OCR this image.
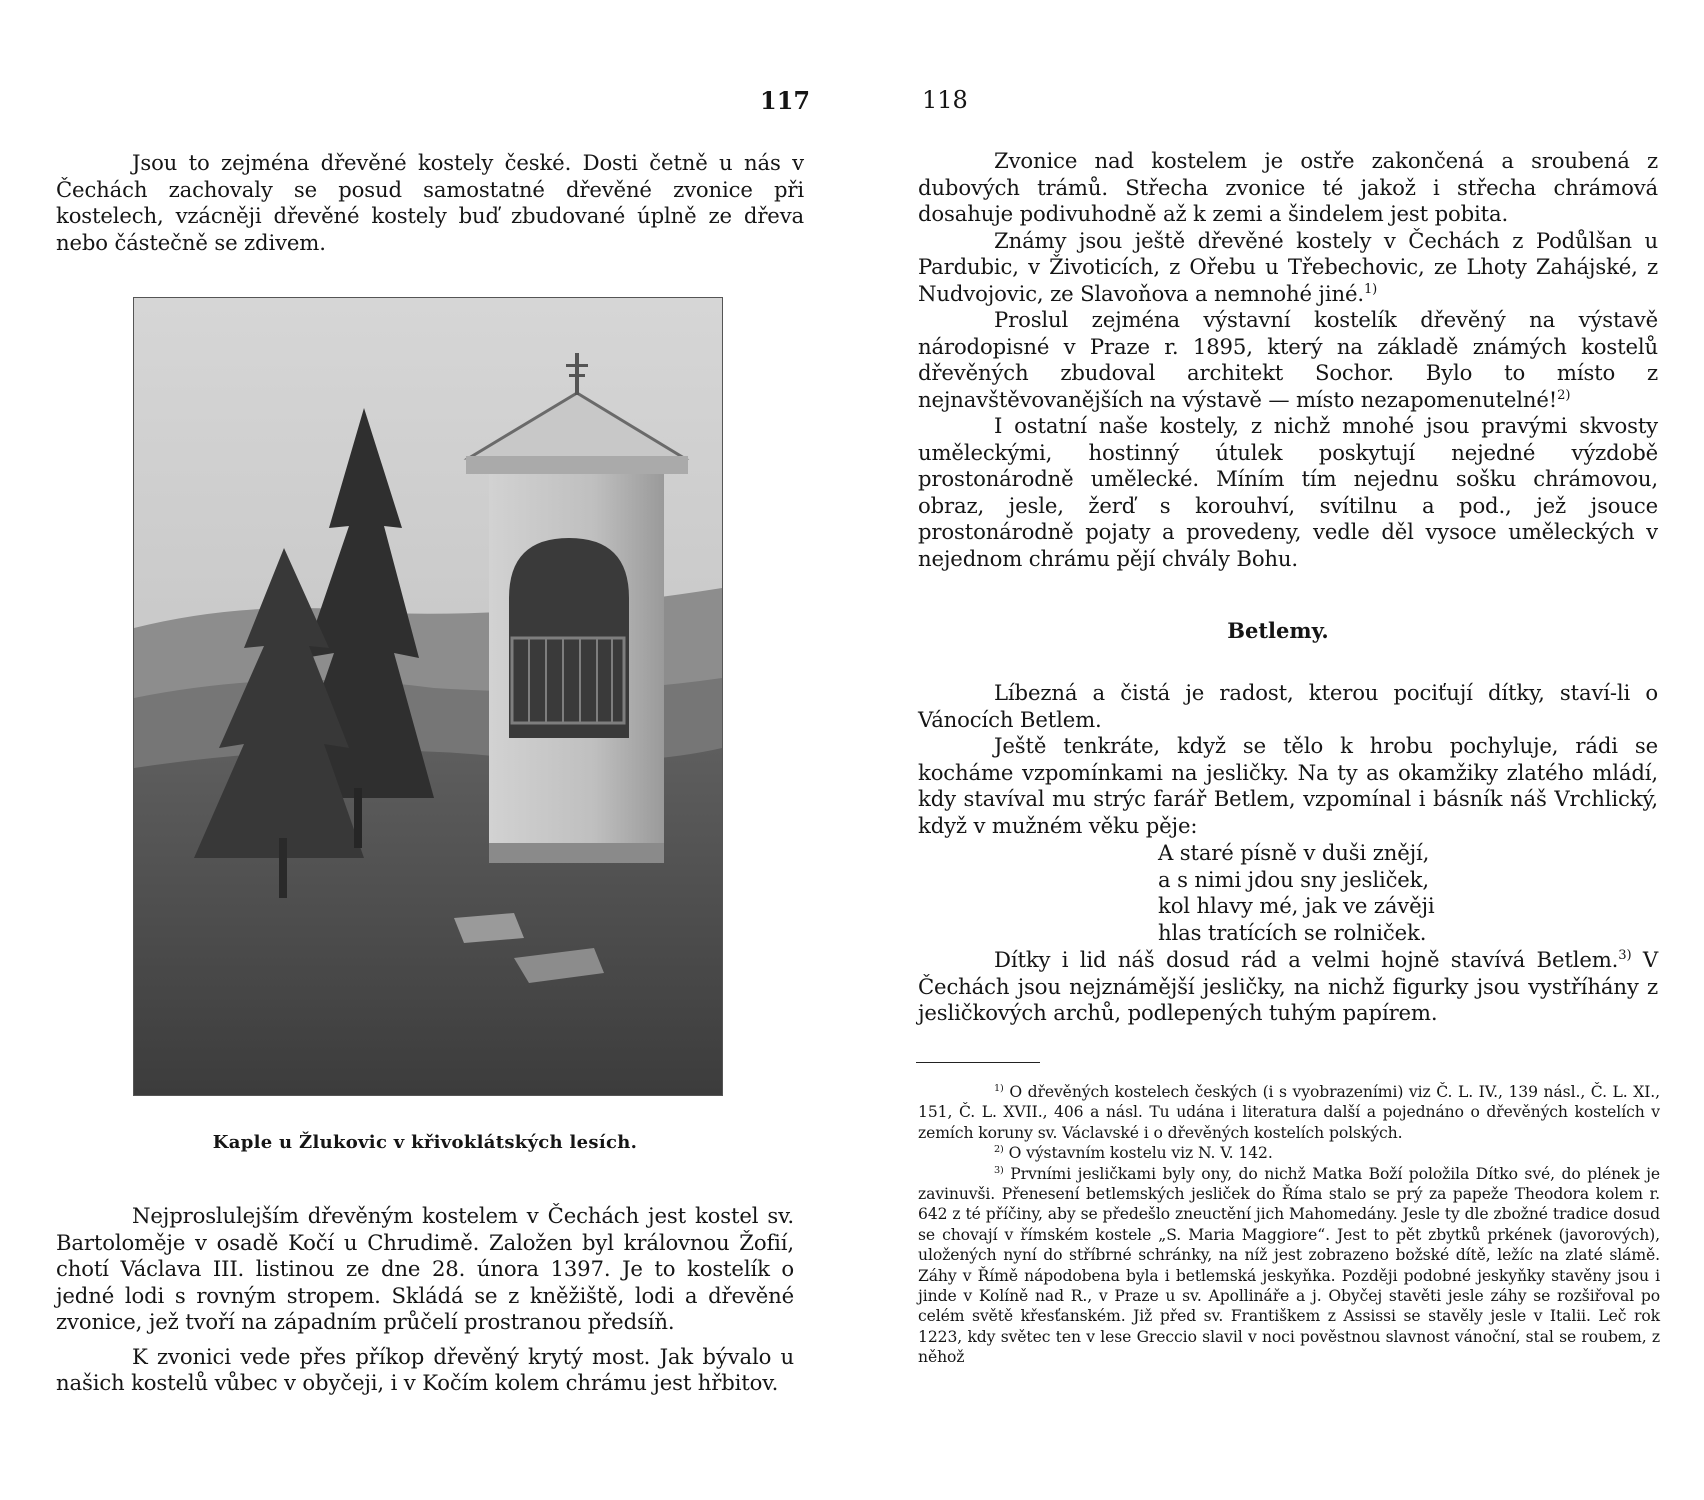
117

Jsou to zejména dřevěné kostely české. Dosti četně u nás v Čechách zachovaly se posud samostatné dřevěné zvonice při kostelech, vzácněji dřevěné kostely buď zbudované úplně ze dřeva nebo částečně se zdivem.

Kaple u Žlukovic v křivoklátských lesích.

Nejproslulejším dřevěným kostelem v Čechách jest kostel sv. Bartoloměje v osadě Kočí u Chrudimě. Založen byl královnou Žofií, chotí Václava III. listinou ze dne 28. února 1397. Je to kostelík o jedné lodi s rovným stropem. Skládá se z kněžiště, lodi a dřevěné zvonice, jež tvoří na západním průčelí prostranou předsíň.

K zvonici vede přes příkop dřevěný krytý most. Jak bývalo u našich kostelů vůbec v obyčeji, i v Kočím kolem chrámu jest hřbitov.

118

Zvonice nad kostelem je ostře zakončená a sroubená z dubových trámů. Střecha zvonice té jakož i střecha chrámová dosahuje podivuhodně až k zemi a šindelem jest pobita.

Známy jsou ještě dřevěné kostely v Čechách z Podůlšan u Pardubic, v Životicích, z Ořebu u Třebechovic, ze Lhoty Zahájské, z Nudvojovic, ze Slavoňova a nemnohé jiné.$^{1)}$

Proslul zejména výstavní kostelík dřevěný na výstavě národopisné v Praze r. 1895, který na základě známých kostelů dřevěných zbudoval architekt Sochor. Bylo to místo z nejnavštěvovanějších na výstavě — místo nezapomenutelné!$^{2)}$

I ostatní naše kostely, z nichž mnohé jsou pravými skvosty uměleckými, hostinný útulek poskytují nejedné výzdobě prostonárodně umělecké. Míním tím nejednu sošku chrámovou, obraz, jesle, žerď s korouhví, svítilnu a pod., jež jsouce prostonárodně pojaty a provedeny, vedle děl vysoce uměleckých v nejednom chrámu pějí chvály Bohu.

Betlemy.

Líbezná a čistá je radost, kterou pociťují dítky, staví-li o Vánocích Betlem.

Ještě tenkráte, když se tělo k hrobu pochyluje, rádi se kocháme vzpomínkami na jesličky. Na ty as okamžiky zlatého mládí, kdy stavíval mu strýc farář Betlem, vzpomínal i básník náš Vrchlický, když v mužném věku pěje:

A staré písně v duši znějí,
a s nimi jdou sny jesliček,
kol hlavy mé, jak ve závěji
hlas tratících se rolniček.

Dítky i lid náš dosud rád a velmi hojně stavívá Betlem.$^{3)}$ V Čechách jsou nejznámější jesličky, na nichž figurky jsou vystříhány z jesličkových archů, podlepených tuhým papírem.

$^{1)}$ O dřevěných kostelech českých (i s vyobrazeními) viz Č. L. IV., 139 násl., Č. L. XI., 151, Č. L. XVII., 406 a násl. Tu udána i literatura další a pojednáno o dřevěných kostelích v zemích koruny sv. Václavské i o dřevěných kostelích polských.

$^{2)}$ O výstavním kostelu viz N. V. 142.

$^{3)}$ Prvními jesličkami byly ony, do nichž Matka Boží položila Dítko své, do plének je zavinuvši. Přenesení betlemských jesliček do Říma stalo se prý za papeže Theodora kolem r. 642 z té příčiny, aby se předešlo zneuctění jich Mahomedány. Jesle ty dle zbožné tradice dosud se chovají v římském kostele „S. Maria Maggiore“. Jest to pět zbytků prkének (javorových), uložených nyní do stříbrné schránky, na níž jest zobrazeno božské dítě, ležíc na zlaté slámě. Záhy v Římě nápodobena byla i betlemská jeskyňka. Později podobné jeskyňky stavěny jsou i jinde v Kolíně nad R., v Praze u sv. Apollináře a j. Obyčej stavěti jesle záhy se rozšiřoval po celém světě křesťanském. Již před sv. Františkem z Assissi se stavěly jesle v Italii. Leč rok 1223, kdy světec ten v lese Greccio slavil v noci pověstnou slavnost vánoční, stal se roubem, z něhož
